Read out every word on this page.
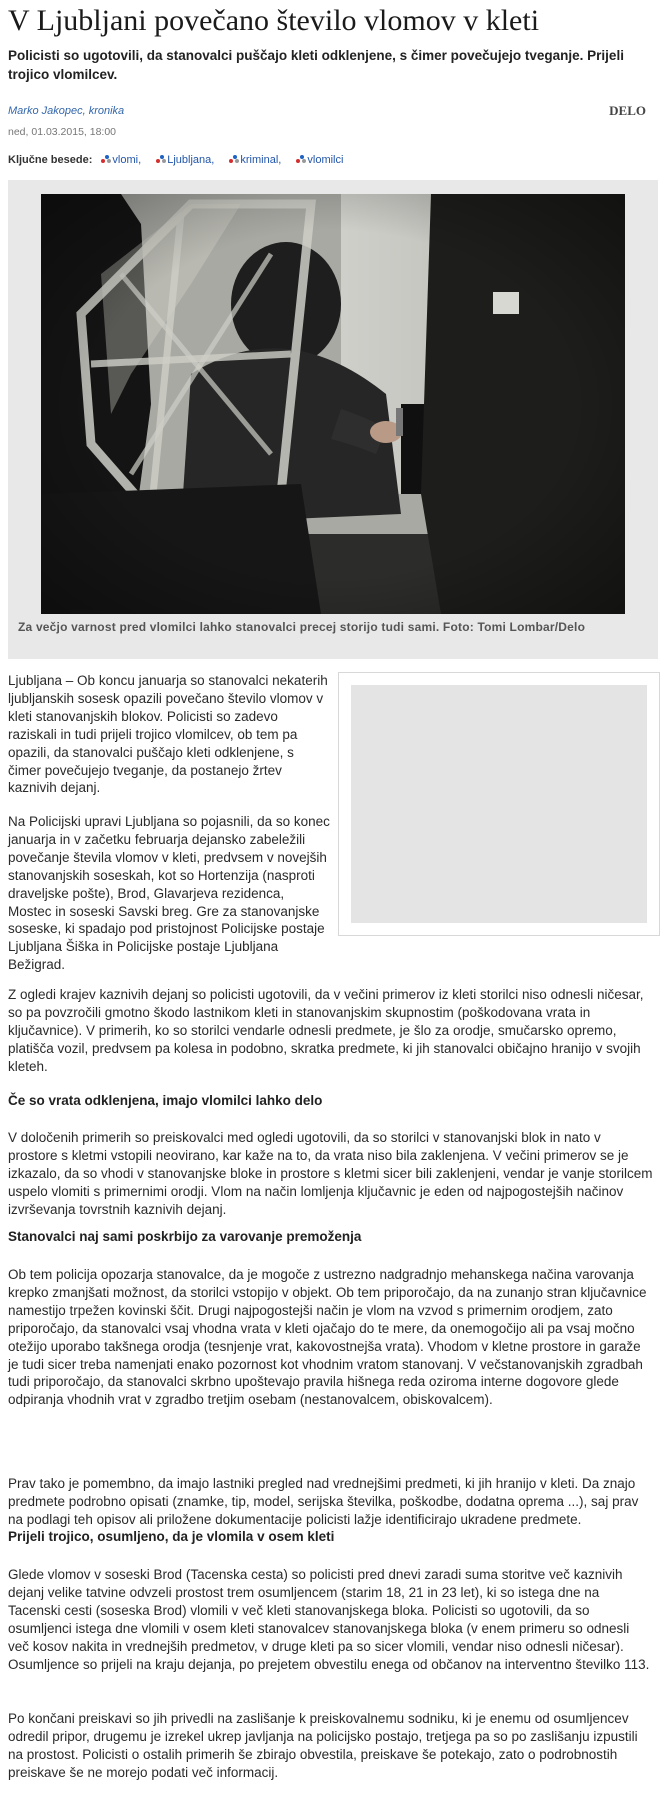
V Ljubljani povečano število vlomov v kleti

Policisti so ugotovili, da stanovalci puščajo kleti odklenjene, s čimer povečujejo tveganje. Prijeli trojico vlomilcev.

Marko Jakopec, kronika
ned, 01.03.2015, 18:00
DELO
Ključne besede: vlomi, Ljubljana, kriminal, vlomilci

Za večjo varnost pred vlomilci lahko stanovalci precej storijo tudi sami. Foto: Tomi Lombar/Delo

Ljubljana – Ob koncu januarja so stanovalci nekaterih ljubljanskih sosesk opazili povečano število vlomov v kleti stanovanjskih blokov. Policisti so zadevo raziskali in tudi prijeli trojico vlomilcev, ob tem pa opazili, da stanovalci puščajo kleti odklenjene, s čimer povečujejo tveganje, da postanejo žrtev kaznivih dejanj.

Na Policijski upravi Ljubljana so pojasnili, da so konec januarja in v začetku februarja dejansko zabeležili povečanje števila vlomov v kleti, predvsem v novejših stanovanjskih soseskah, kot so Hortenzija (nasproti draveljske pošte), Brod, Glavarjeva rezidenca, Mostec in soseski Savski breg. Gre za stanovanjske soseske, ki spadajo pod pristojnost Policijske postaje Ljubljana Šiška in Policijske postaje Ljubljana Bežigrad.

Z ogledi krajev kaznivih dejanj so policisti ugotovili, da v večini primerov iz kleti storilci niso odnesli ničesar, so pa povzročili gmotno škodo lastnikom kleti in stanovanjskim skupnostim (poškodovana vrata in ključavnice). V primerih, ko so storilci vendarle odnesli predmete, je šlo za orodje, smučarsko opremo, platišča vozil, predvsem pa kolesa in podobno, skratka predmete, ki jih stanovalci običajno hranijo v svojih kleteh.

Če so vrata odklenjena, imajo vlomilci lahko delo

V določenih primerih so preiskovalci med ogledi ugotovili, da so storilci v stanovanjski blok in nato v prostore s kletmi vstopili neovirano, kar kaže na to, da vrata niso bila zaklenjena. V večini primerov se je izkazalo, da so vhodi v stanovanjske bloke in prostore s kletmi sicer bili zaklenjeni, vendar je vanje storilcem uspelo vlomiti s primernimi orodji. Vlom na način lomljenja ključavnic je eden od najpogostejših načinov izvrševanja tovrstnih kaznivih dejanj.

Stanovalci naj sami poskrbijo za varovanje premoženja

Ob tem policija opozarja stanovalce, da je mogoče z ustrezno nadgradnjo mehanskega načina varovanja krepko zmanjšati možnost, da storilci vstopijo v objekt. Ob tem priporočajo, da na zunanjo stran ključavnice namestijo trpežen kovinski ščit. Drugi najpogostejši način je vlom na vzvod s primernim orodjem, zato priporočajo, da stanovalci vsaj vhodna vrata v kleti ojačajo do te mere, da onemogočijo ali pa vsaj močno otežijo uporabo takšnega orodja (tesnjenje vrat, kakovostnejša vrata). Vhodom v kletne prostore in garaže je tudi sicer treba namenjati enako pozornost kot vhodnim vratom stanovanj. V večstanovanjskih zgradbah tudi priporočajo, da stanovalci skrbno upoštevajo pravila hišnega reda oziroma interne dogovore glede odpiranja vhodnih vrat v zgradbo tretjim osebam (nestanovalcem, obiskovalcem).

Prav tako je pomembno, da imajo lastniki pregled nad vrednejšimi predmeti, ki jih hranijo v kleti. Da znajo predmete podrobno opisati (znamke, tip, model, serijska številka, poškodbe, dodatna oprema ...), saj prav na podlagi teh opisov ali priložene dokumentacije policisti lažje identificirajo ukradene predmete.

Prijeli trojico, osumljeno, da je vlomila v osem kleti

Glede vlomov v soseski Brod (Tacenska cesta) so policisti pred dnevi zaradi suma storitve več kaznivih dejanj velike tatvine odvzeli prostost trem osumljencem (starim 18, 21 in 23 let), ki so istega dne na Tacenski cesti (soseska Brod) vlomili v več kleti stanovanjskega bloka. Policisti so ugotovili, da so osumljenci istega dne vlomili v osem kleti stanovalcev stanovanjskega bloka (v enem primeru so odnesli več kosov nakita in vrednejših predmetov, v druge kleti pa so sicer vlomili, vendar niso odnesli ničesar). Osumljence so prijeli na kraju dejanja, po prejetem obvestilu enega od občanov na interventno številko 113.

Po končani preiskavi so jih privedli na zaslišanje k preiskovalnemu sodniku, ki je enemu od osumljencev odredil pripor, drugemu je izrekel ukrep javljanja na policijsko postajo, tretjega pa so po zaslišanju izpustili na prostost. Policisti o ostalih primerih še zbirajo obvestila, preiskave še potekajo, zato o podrobnostih preiskave še ne morejo podati več informacij.
